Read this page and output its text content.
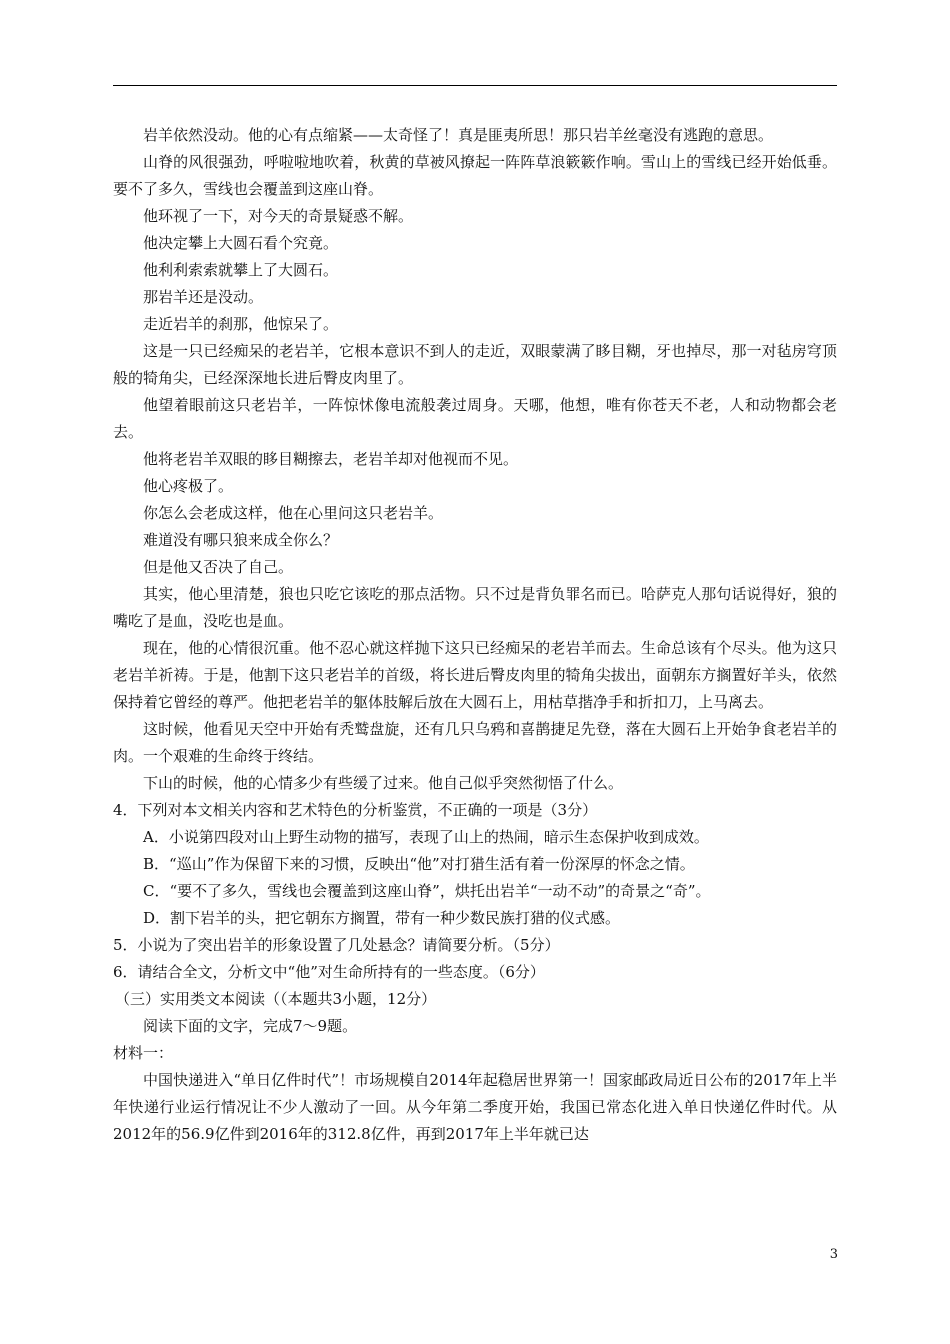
岩羊依然没动。他的心有点缩紧——太奇怪了！真是匪夷所思！那只岩羊丝毫没有逃跑的意思。

山脊的风很强劲，呼啦啦地吹着，秋黄的草被风撩起一阵阵草浪簌簌作响。雪山上的雪线已经开始低垂。要不了多久，雪线也会覆盖到这座山脊。

他环视了一下，对今天的奇景疑惑不解。

他决定攀上大圆石看个究竟。

他利利索索就攀上了大圆石。

那岩羊还是没动。

走近岩羊的刹那，他惊呆了。

这是一只已经痴呆的老岩羊，它根本意识不到人的走近，双眼蒙满了眵目糊，牙也掉尽，那一对毡房穹顶般的犄角尖，已经深深地长进后臀皮肉里了。

他望着眼前这只老岩羊，一阵惊怵像电流般袭过周身。天哪，他想，唯有你苍天不老，人和动物都会老去。

他将老岩羊双眼的眵目糊擦去，老岩羊却对他视而不见。

他心疼极了。

你怎么会老成这样，他在心里问这只老岩羊。

难道没有哪只狼来成全你么？

但是他又否决了自己。

其实，他心里清楚，狼也只吃它该吃的那点活物。只不过是背负罪名而已。哈萨克人那句话说得好，狼的嘴吃了是血，没吃也是血。

现在，他的心情很沉重。他不忍心就这样抛下这只已经痴呆的老岩羊而去。生命总该有个尽头。他为这只老岩羊祈祷。于是，他割下这只老岩羊的首级，将长进后臀皮肉里的犄角尖拔出，面朝东方搁置好羊头，依然保持着它曾经的尊严。他把老岩羊的躯体肢解后放在大圆石上，用枯草揩净手和折扣刀，上马离去。

这时候，他看见天空中开始有秃鹫盘旋，还有几只乌鸦和喜鹊捷足先登，落在大圆石上开始争食老岩羊的肉。一个艰难的生命终于终结。

下山的时候，他的心情多少有些缓了过来。他自己似乎突然彻悟了什么。

4．下列对本文相关内容和艺术特色的分析鉴赏，不正确的一项是（3分）

A．小说第四段对山上野生动物的描写，表现了山上的热闹，暗示生态保护收到成效。

B．“巡山”作为保留下来的习惯，反映出“他”对打猎生活有着一份深厚的怀念之情。

C．“要不了多久，雪线也会覆盖到这座山脊”，烘托出岩羊“一动不动”的奇景之“奇”。

D．割下岩羊的头，把它朝东方搁置，带有一种少数民族打猎的仪式感。

5．小说为了突出岩羊的形象设置了几处悬念？请简要分析。（5分）

6．请结合全文，分析文中“他”对生命所持有的一些态度。（6分）

（三）实用类文本阅读（（本题共3小题，12分）

阅读下面的文字，完成7～9题。

材料一：

中国快递进入“单日亿件时代”！市场规模自2014年起稳居世界第一！国家邮政局近日公布的2017年上半年快递行业运行情况让不少人激动了一回。从今年第二季度开始，我国已常态化进入单日快递亿件时代。从2012年的56.9亿件到2016年的312.8亿件，再到2017年上半年就已达

3
